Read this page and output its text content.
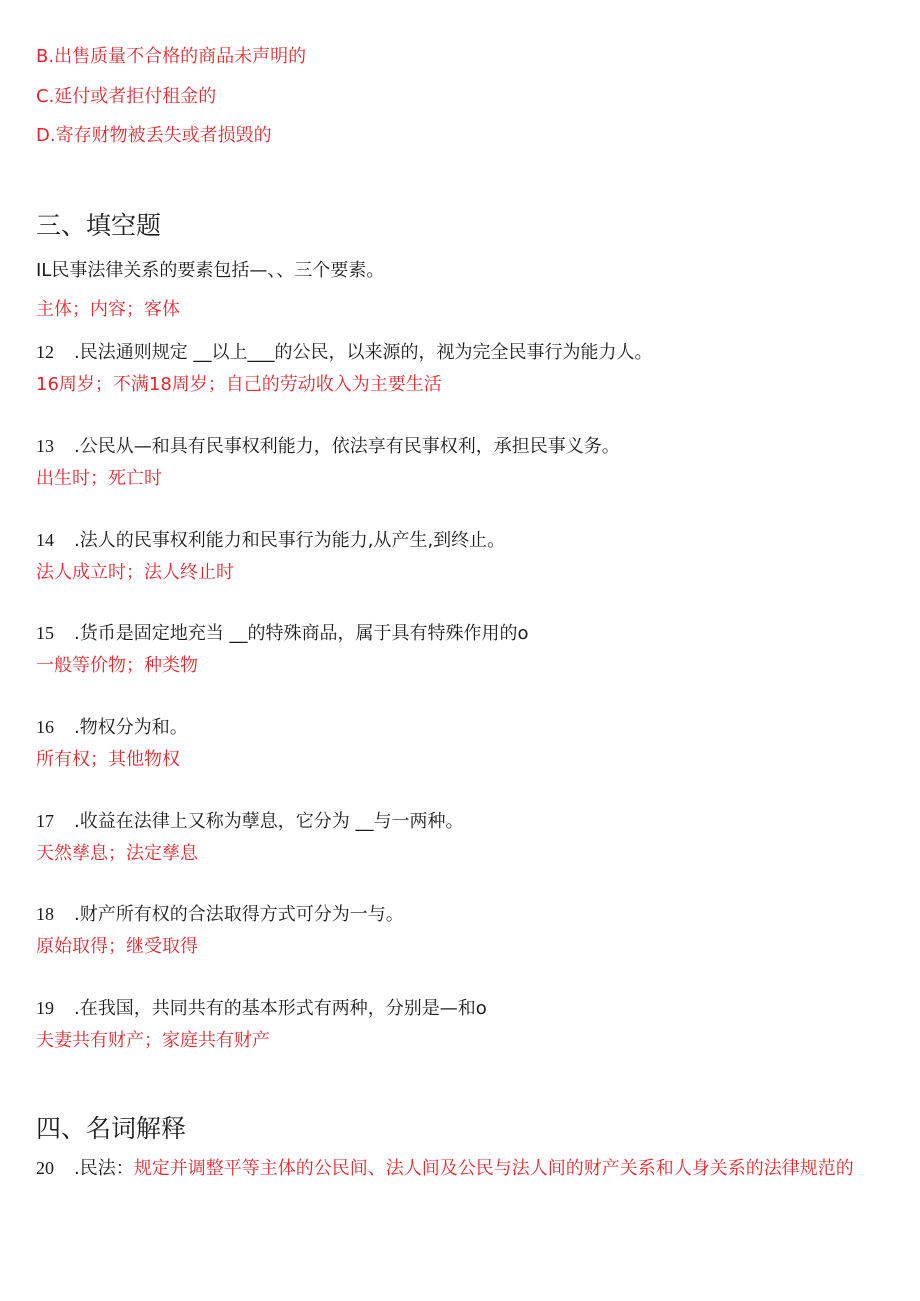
B.出售质量不合格的商品未声明的
C.延付或者拒付租金的
D.寄存财物被丢失或者损毁的
三、填空题
IL民事法律关系的要素包括—、、三个要素。
主体；内容；客体
12 .民法通则规定 __以上___的公民，以来源的，视为完全民事行为能力人。
16周岁；不满18周岁；自己的劳动收入为主要生活
13 .公民从—和具有民事权利能力，依法享有民事权利，承担民事义务。
出生时；死亡时
14 .法人的民事权利能力和民事行为能力,从产生,到终止。
法人成立时；法人终止时
15 .货币是固定地充当 __的特殊商品，属于具有特殊作用的o
一般等价物；种类物
16 .物权分为和。
所有权；其他物权
17 .收益在法律上又称为孽息，它分为 __与一两种。
天然孳息；法定孳息
18 .财产所有权的合法取得方式可分为一与。
原始取得；继受取得
19 .在我国，共同共有的基本形式有两种，分别是—和o
夫妻共有财产；家庭共有财产
四、名词解释
20 .民法：规定并调整平等主体的公民间、法人间及公民与法人间的财产关系和人身关系的法律规范的
